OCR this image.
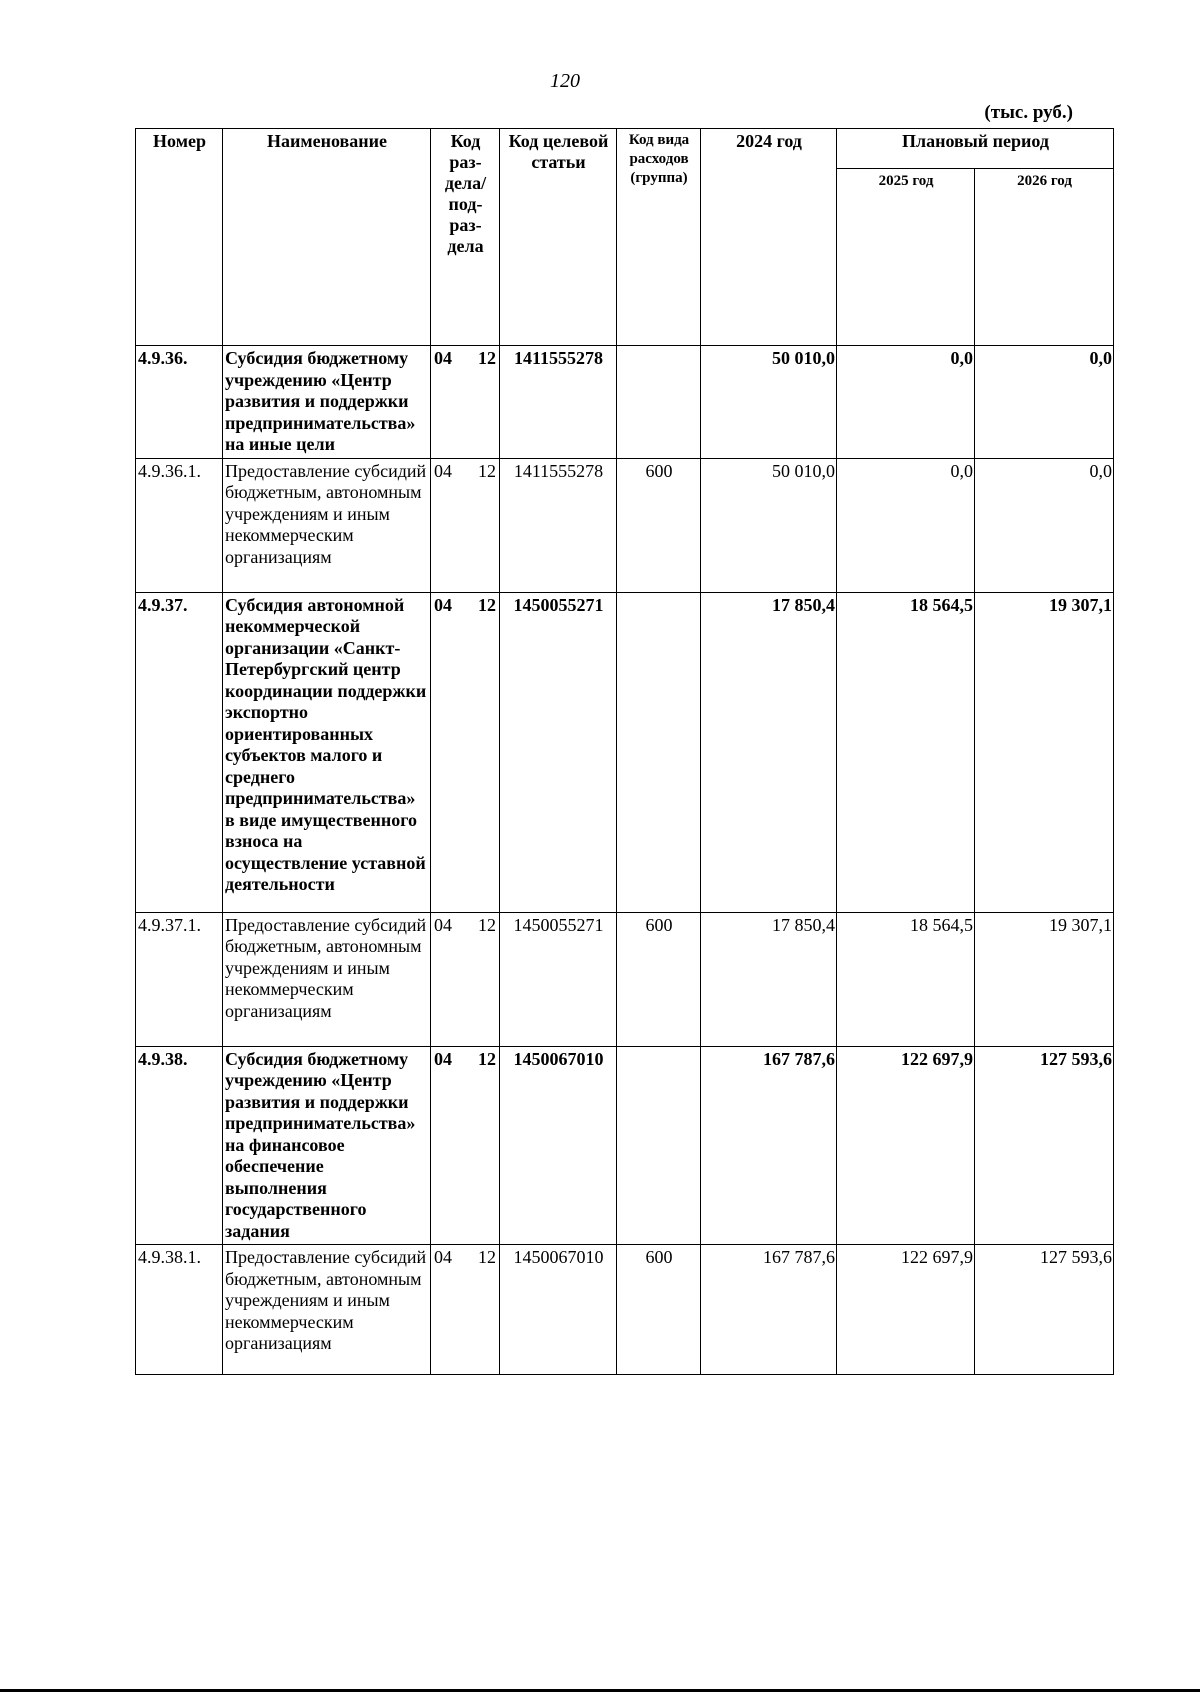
120
(тыс. руб.)
Номер	Наименование	Код раз-дела/ под-раз-дела	Код целевой статьи	Код вида расходов (группа)	2024 год	Плановый период	
						2025 год	2026 год
4.9.36.	Субсидия бюджетному учреждению «Центр развития и поддержки предпринимательства» на иные цели	04 12	1411555278		50 010,0	0,0	0,0
4.9.36.1.	Предоставление субсидий бюджетным, автономным учреждениям и иным некоммерческим организациям	04 12	1411555278	600	50 010,0	0,0	0,0
4.9.37.	Субсидия автономной некоммерческой организации «Санкт-Петербургский центр координации поддержки экспортно ориентированных субъектов малого и среднего предпринимательства» в виде имущественного взноса на осуществление уставной деятельности	04 12	1450055271		17 850,4	18 564,5	19 307,1
4.9.37.1.	Предоставление субсидий бюджетным, автономным учреждениям и иным некоммерческим организациям	04 12	1450055271	600	17 850,4	18 564,5	19 307,1
4.9.38.	Субсидия бюджетному учреждению «Центр развития и поддержки предпринимательства» на финансовое обеспечение выполнения государственного задания	04 12	1450067010		167 787,6	122 697,9	127 593,6
4.9.38.1.	Предоставление субсидий бюджетным, автономным учреждениям и иным некоммерческим организациям	04 12	1450067010	600	167 787,6	122 697,9	127 593,6
